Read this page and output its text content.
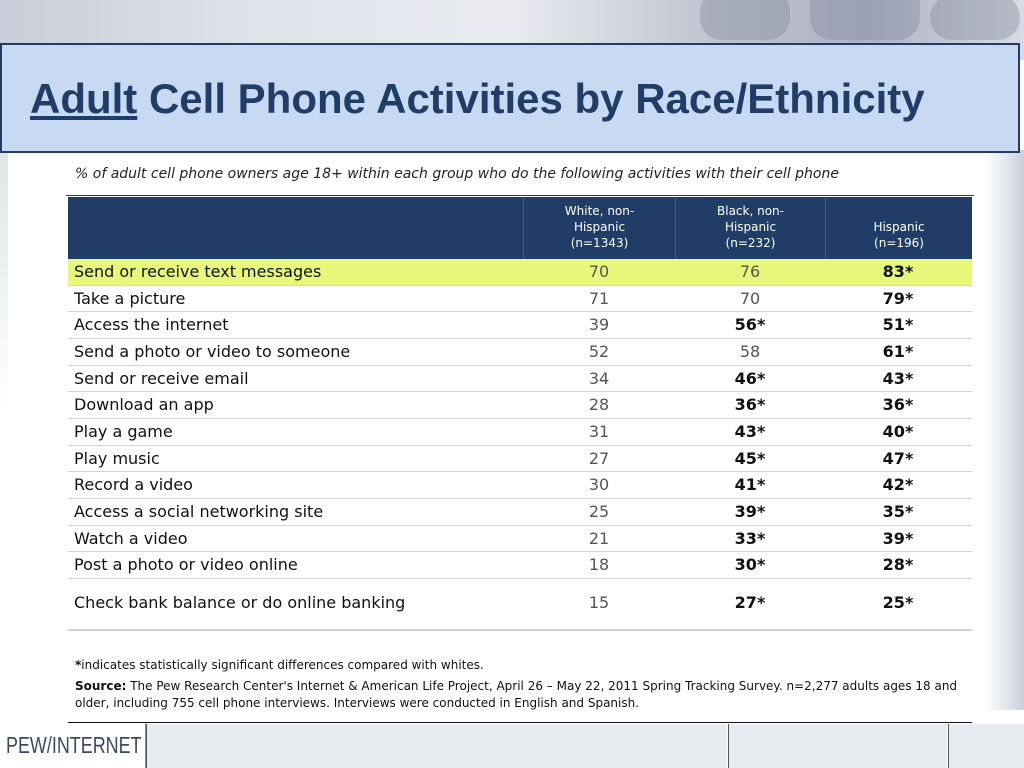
Adult Cell Phone Activities by Race/Ethnicity
% of adult cell phone owners age 18+ within each group who do the following activities with their cell phone
White, non-
Hispanic
(n=1343)
Black, non-
Hispanic
(n=232)
Hispanic
(n=196)
Send or receive text messages	70	76	83*
Take a picture	71	70	79*
Access the internet	39	56*	51*
Send a photo or video to someone	52	58	61*
Send or receive email	34	46*	43*
Download an app	28	36*	36*
Play a game	31	43*	40*
Play music	27	45*	47*
Record a video	30	41*	42*
Access a social networking site	25	39*	35*
Watch a video	21	33*	39*
Post a photo or video online	18	30*	28*
Check bank balance or do online banking	15	27*	25*
*indicates statistically significant differences compared with whites.
Source: The Pew Research Center's Internet & American Life Project, April 26 – May 22, 2011 Spring Tracking Survey. n=2,277 adults ages 18 and older, including 755 cell phone interviews. Interviews were conducted in English and Spanish.
PEW/INTERNET
